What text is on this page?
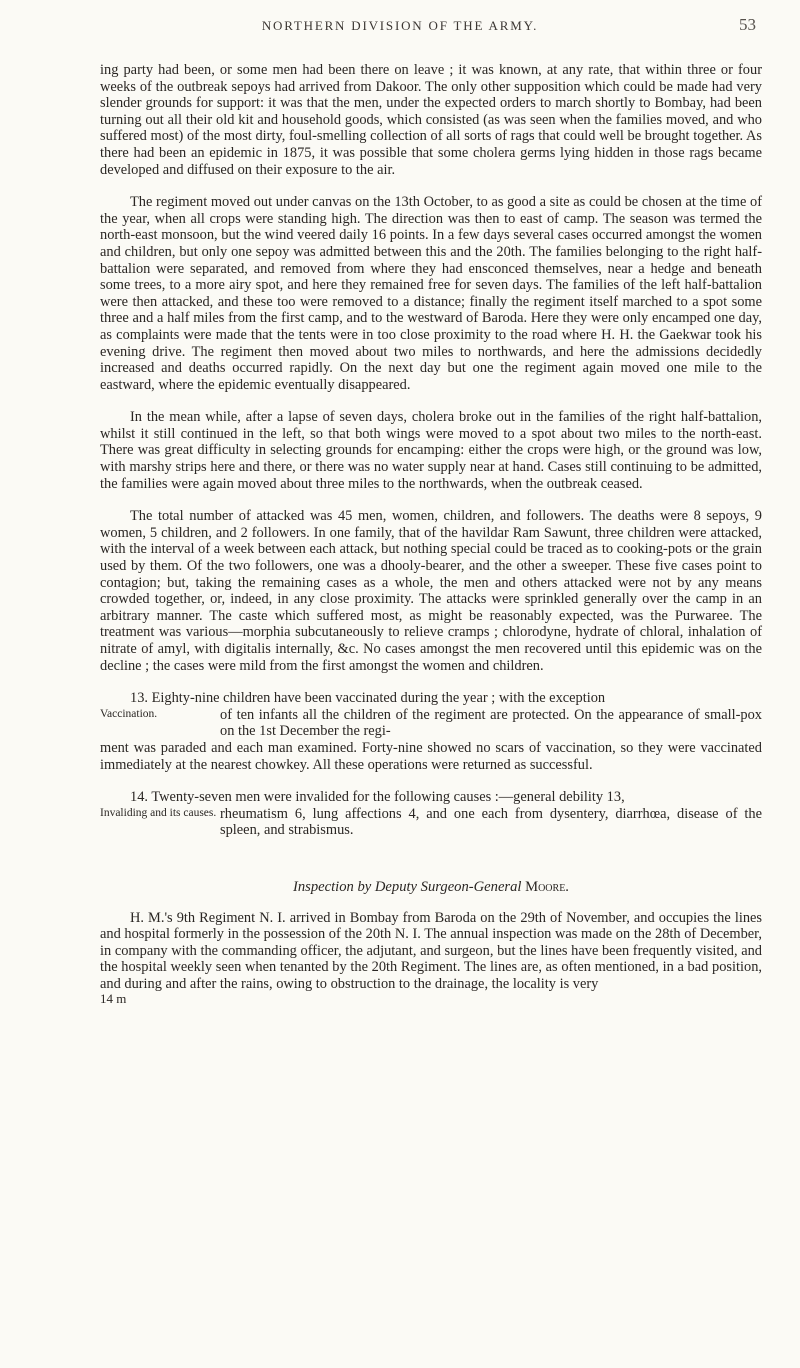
NORTHERN DIVISION OF THE ARMY.	53

ing party had been, or some men had been there on leave ; it was known, at any rate, that within three or four weeks of the outbreak sepoys had arrived from Dakoor. The only other supposition which could be made had very slender grounds for support: it was that the men, under the expected orders to march shortly to Bombay, had been turning out all their old kit and household goods, which consisted (as was seen when the families moved, and who suffered most) of the most dirty, foul-smelling collection of all sorts of rags that could well be brought together. As there had been an epidemic in 1875, it was possible that some cholera germs lying hidden in those rags became developed and diffused on their exposure to the air.

The regiment moved out under canvas on the 13th October, to as good a site as could be chosen at the time of the year, when all crops were standing high. The direction was then to east of camp. The season was termed the north-east monsoon, but the wind veered daily 16 points. In a few days several cases occurred amongst the women and children, but only one sepoy was admitted between this and the 20th. The families belonging to the right half-battalion were separated, and removed from where they had ensconced themselves, near a hedge and beneath some trees, to a more airy spot, and here they remained free for seven days. The families of the left half-battalion were then attacked, and these too were removed to a distance; finally the regiment itself marched to a spot some three and a half miles from the first camp, and to the westward of Baroda. Here they were only encamped one day, as complaints were made that the tents were in too close proximity to the road where H. H. the Gaekwar took his evening drive. The regiment then moved about two miles to northwards, and here the admissions decidedly increased and deaths occurred rapidly. On the next day but one the regiment again moved one mile to the eastward, where the epidemic eventually disappeared.

In the mean while, after a lapse of seven days, cholera broke out in the families of the right half-battalion, whilst it still continued in the left, so that both wings were moved to a spot about two miles to the north-east. There was great difficulty in selecting grounds for encamping: either the crops were high, or the ground was low, with marshy strips here and there, or there was no water supply near at hand. Cases still continuing to be admitted, the families were again moved about three miles to the northwards, when the outbreak ceased.

The total number of attacked was 45 men, women, children, and followers. The deaths were 8 sepoys, 9 women, 5 children, and 2 followers. In one family, that of the havildar Ram Sawunt, three children were attacked, with the interval of a week between each attack, but nothing special could be traced as to cooking-pots or the grain used by them. Of the two followers, one was a dhooly-bearer, and the other a sweeper. These five cases point to contagion; but, taking the remaining cases as a whole, the men and others attacked were not by any means crowded together, or, indeed, in any close proximity. The attacks were sprinkled generally over the camp in an arbitrary manner. The caste which suffered most, as might be reasonably expected, was the Purwaree. The treatment was various—morphia subcutaneously to relieve cramps ; chlorodyne, hydrate of chloral, inhalation of nitrate of amyl, with digitalis internally, &c. No cases amongst the men recovered until this epidemic was on the decline ; the cases were mild from the first amongst the women and children.

13. Eighty-nine children have been vaccinated during the year ; with the exception
Vaccination.	of ten infants all the children of the regiment are protected. On the appearance of small-pox on the 1st December the regi-
ment was paraded and each man examined. Forty-nine showed no scars of vaccination, so they were vaccinated immediately at the nearest chowkey. All these operations were returned as successful.
14. Twenty-seven men were invalided for the following causes :—general debility 13,
Invaliding and its causes. rheumatism 6, lung affections 4, and one each from dysentery, diarrhœa, disease of the spleen, and strabismus.
Inspection by Deputy Surgeon-General Moore.

H. M.'s 9th Regiment N. I. arrived in Bombay from Baroda on the 29th of November, and occupies the lines and hospital formerly in the possession of the 20th N. I. The annual inspection was made on the 28th of December, in company with the commanding officer, the adjutant, and surgeon, but the lines have been frequently visited, and the hospital weekly seen when tenanted by the 20th Regiment. The lines are, as often mentioned, in a bad position, and during and after the rains, owing to obstruction to the drainage, the locality is very

14 m
